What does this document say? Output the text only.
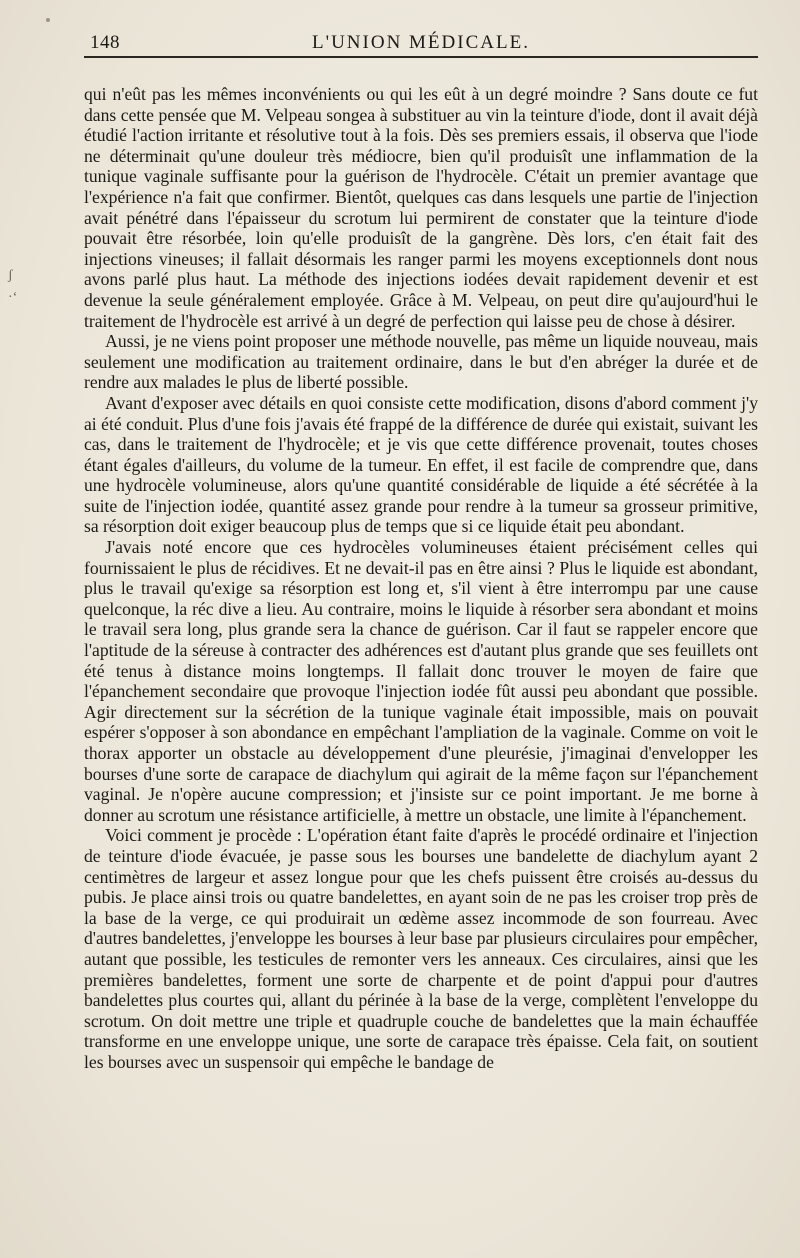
148	L'UNION MÉDICALE.
ʃ
·ʻ

qui n'eût pas les mêmes inconvénients ou qui les eût à un degré moindre ? Sans doute ce fut dans cette pensée que M. Velpeau songea à substituer au vin la teinture d'iode, dont il avait déjà étudié l'action irritante et résolutive tout à la fois. Dès ses premiers essais, il observa que l'iode ne déterminait qu'une douleur très médiocre, bien qu'il produisît une inflammation de la tunique vaginale suffisante pour la guérison de l'hydrocèle. C'était un premier avantage que l'expérience n'a fait que confirmer. Bientôt, quelques cas dans lesquels une partie de l'injection avait pénétré dans l'épaisseur du scrotum lui permirent de constater que la teinture d'iode pouvait être résorbée, loin qu'elle produisît de la gangrène. Dès lors, c'en était fait des injections vineuses; il fallait désormais les ranger parmi les moyens exceptionnels dont nous avons parlé plus haut. La méthode des injections iodées devait rapidement devenir et est devenue la seule généralement employée. Grâce à M. Velpeau, on peut dire qu'aujourd'hui le traitement de l'hydrocèle est arrivé à un degré de perfection qui laisse peu de chose à désirer.

Aussi, je ne viens point proposer une méthode nouvelle, pas même un liquide nouveau, mais seulement une modification au traitement ordinaire, dans le but d'en abréger la durée et de rendre aux malades le plus de liberté possible.

Avant d'exposer avec détails en quoi consiste cette modification, disons d'abord comment j'y ai été conduit. Plus d'une fois j'avais été frappé de la différence de durée qui existait, suivant les cas, dans le traitement de l'hydrocèle; et je vis que cette différence provenait, toutes choses étant égales d'ailleurs, du volume de la tumeur. En effet, il est facile de comprendre que, dans une hydrocèle volumineuse, alors qu'une quantité considérable de liquide a été sécrétée à la suite de l'injection iodée, quantité assez grande pour rendre à la tumeur sa grosseur primitive, sa résorption doit exiger beaucoup plus de temps que si ce liquide était peu abondant.

J'avais noté encore que ces hydrocèles volumineuses étaient précisément celles qui fournissaient le plus de récidives. Et ne devait-il pas en être ainsi ? Plus le liquide est abondant, plus le travail qu'exige sa résorption est long et, s'il vient à être interrompu par une cause quelconque, la réc dive a lieu. Au contraire, moins le liquide à résorber sera abondant et moins le travail sera long, plus grande sera la chance de guérison. Car il faut se rappeler encore que l'aptitude de la séreuse à contracter des adhérences est d'autant plus grande que ses feuillets ont été tenus à distance moins longtemps. Il fallait donc trouver le moyen de faire que l'épanchement secondaire que provoque l'injection iodée fût aussi peu abondant que possible. Agir directement sur la sécrétion de la tunique vaginale était impossible, mais on pouvait espérer s'opposer à son abondance en empêchant l'ampliation de la vaginale. Comme on voit le thorax apporter un obstacle au développement d'une pleurésie, j'imaginai d'envelopper les bourses d'une sorte de carapace de diachylum qui agirait de la même façon sur l'épanchement vaginal. Je n'opère aucune compression; et j'insiste sur ce point important. Je me borne à donner au scrotum une résistance artificielle, à mettre un obstacle, une limite à l'épanchement.

Voici comment je procède : L'opération étant faite d'après le procédé ordinaire et l'injection de teinture d'iode évacuée, je passe sous les bourses une bandelette de diachylum ayant 2 centimètres de largeur et assez longue pour que les chefs puissent être croisés au-dessus du pubis. Je place ainsi trois ou quatre bandelettes, en ayant soin de ne pas les croiser trop près de la base de la verge, ce qui produirait un œdème assez incommode de son fourreau. Avec d'autres bandelettes, j'enveloppe les bourses à leur base par plusieurs circulaires pour empêcher, autant que possible, les testicules de remonter vers les anneaux. Ces circulaires, ainsi que les premières bandelettes, forment une sorte de charpente et de point d'appui pour d'autres bandelettes plus courtes qui, allant du périnée à la base de la verge, complètent l'enveloppe du scrotum. On doit mettre une triple et quadruple couche de bandelettes que la main échauffée transforme en une enveloppe unique, une sorte de carapace très épaisse. Cela fait, on soutient les bourses avec un suspensoir qui empêche le bandage de
